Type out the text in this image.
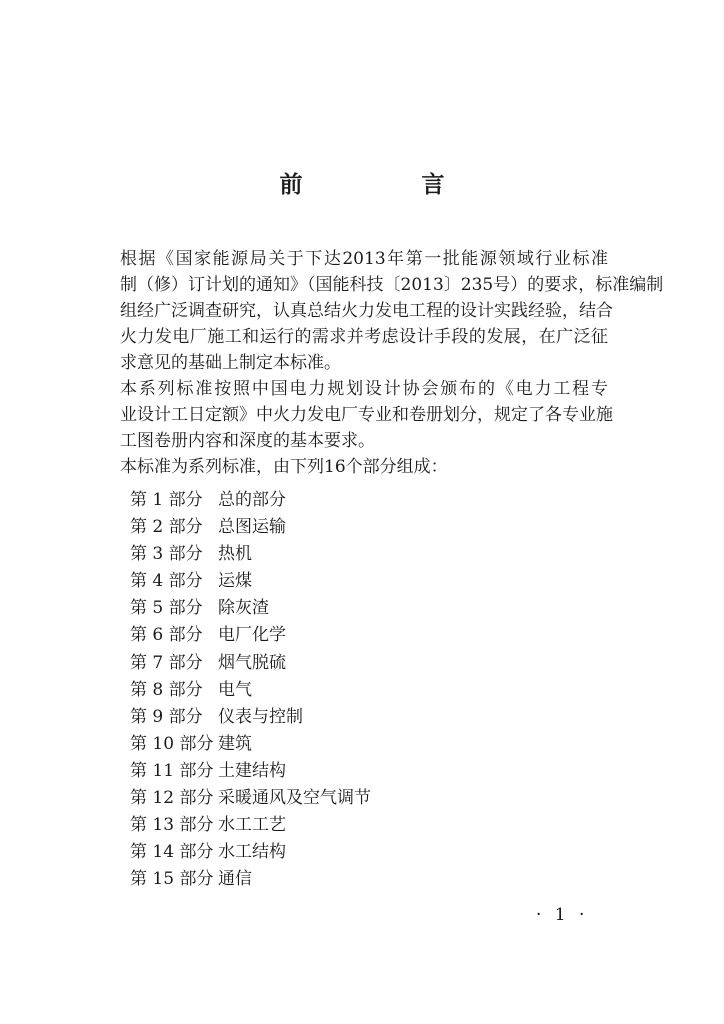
前　言

根据《国家能源局关于下达2013年第一批能源领域行业标准
制（修）订计划的通知》（国能科技〔2013〕235号）的要求，标准编制
组经广泛调查研究，认真总结火力发电工程的设计实践经验，结合
火力发电厂施工和运行的需求并考虑设计手段的发展，在广泛征
求意见的基础上制定本标准。

本系列标准按照中国电力规划设计协会颁布的《电力工程专
业设计工日定额》中火力发电厂专业和卷册划分，规定了各专业施
工图卷册内容和深度的基本要求。

本标准为系列标准，由下列16个部分组成：

第 1 部分 总的部分
第 2 部分 总图运输
第 3 部分 热机
第 4 部分 运煤
第 5 部分 除灰渣
第 6 部分 电厂化学
第 7 部分 烟气脱硫
第 8 部分 电气
第 9 部分 仪表与控制
第 10 部分 建筑
第 11 部分 土建结构
第 12 部分 采暖通风及空气调节
第 13 部分 水工工艺
第 14 部分 水工结构
第 15 部分 通信
· 1 ·
